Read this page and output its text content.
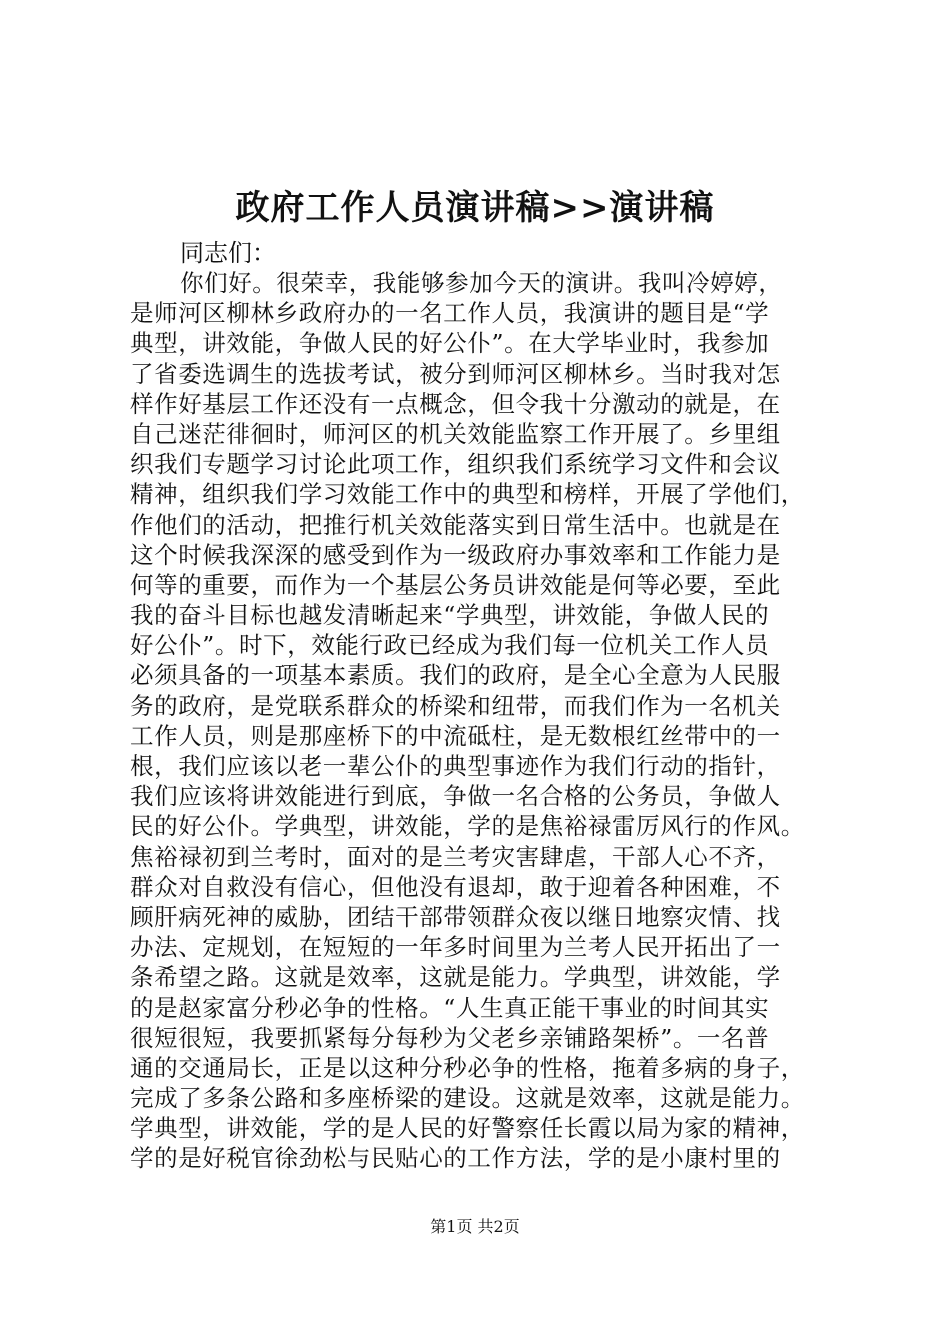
政府工作人员演讲稿>>演讲稿
同志们：
你们好。很荣幸，我能够参加今天的演讲。我叫冷婷婷，
是师河区柳林乡政府办的一名工作人员，我演讲的题目是“学
典型，讲效能，争做人民的好公仆”。在大学毕业时，我参加
了省委选调生的选拔考试，被分到师河区柳林乡。当时我对怎
样作好基层工作还没有一点概念，但令我十分激动的就是，在
自己迷茫徘徊时，师河区的机关效能监察工作开展了。乡里组
织我们专题学习讨论此项工作，组织我们系统学习文件和会议
精神，组织我们学习效能工作中的典型和榜样，开展了学他们，
作他们的活动，把推行机关效能落实到日常生活中。也就是在
这个时候我深深的感受到作为一级政府办事效率和工作能力是
何等的重要，而作为一个基层公务员讲效能是何等必要，至此
我的奋斗目标也越发清晰起来“学典型，讲效能，争做人民的
好公仆”。时下，效能行政已经成为我们每一位机关工作人员
必须具备的一项基本素质。我们的政府，是全心全意为人民服
务的政府，是党联系群众的桥梁和纽带，而我们作为一名机关
工作人员，则是那座桥下的中流砥柱，是无数根红丝带中的一
根，我们应该以老一辈公仆的典型事迹作为我们行动的指针，
我们应该将讲效能进行到底，争做一名合格的公务员，争做人
民的好公仆。学典型，讲效能，学的是焦裕禄雷厉风行的作风。
焦裕禄初到兰考时，面对的是兰考灾害肆虐，干部人心不齐，
群众对自救没有信心，但他没有退却，敢于迎着各种困难，不
顾肝病死神的威胁，团结干部带领群众夜以继日地察灾情、找
办法、定规划，在短短的一年多时间里为兰考人民开拓出了一
条希望之路。这就是效率，这就是能力。学典型，讲效能，学
的是赵家富分秒必争的性格。“人生真正能干事业的时间其实
很短很短，我要抓紧每分每秒为父老乡亲铺路架桥”。一名普
通的交通局长，正是以这种分秒必争的性格，拖着多病的身子，
完成了多条公路和多座桥梁的建设。这就是效率，这就是能力。
学典型，讲效能，学的是人民的好警察任长霞以局为家的精神，
学的是好税官徐劲松与民贴心的工作方法，学的是小康村里的
第1页 共2页
